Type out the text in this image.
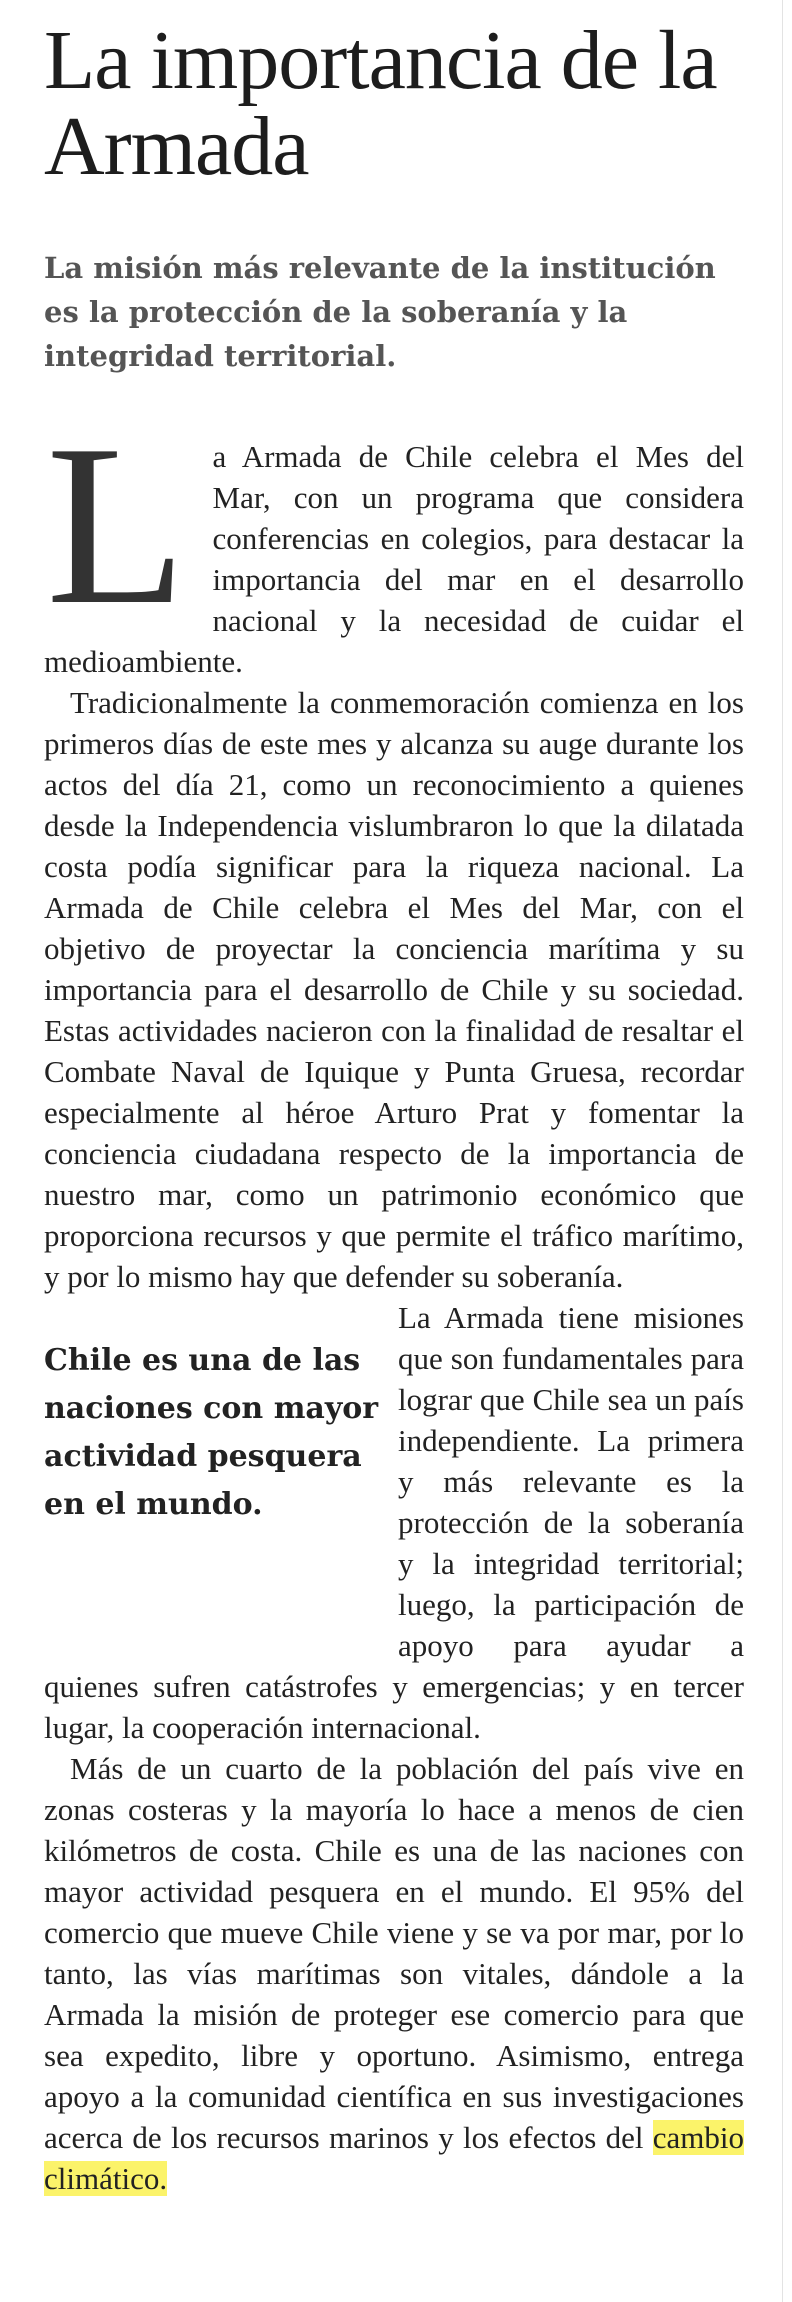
La importancia de la Armada

La misión más relevante de la institución es la protección de la soberanía y la integridad territorial.

L a Armada de Chile celebra el Mes del Mar, con un programa que considera conferencias en colegios, para destacar la importancia del mar en el desarrollo nacional y la necesidad de cuidar el medioambiente.

Tradicionalmente la conmemoración comienza en los primeros días de este mes y alcanza su auge durante los actos del día 21, como un reconocimiento a quienes desde la Independencia vislumbraron lo que la dilatada costa podía significar para la riqueza nacional. La Armada de Chile celebra el Mes del Mar, con el objetivo de proyectar la conciencia marítima y su importancia para el desarrollo de Chile y su sociedad. Estas actividades nacieron con la finalidad de resaltar el Combate Naval de Iquique y Punta Gruesa, recordar especialmente al héroe Arturo Prat y fomentar la conciencia ciudadana respecto de la importancia de nuestro mar, como un patrimonio económico que proporciona recursos y que permite el tráfico marítimo, y por lo mismo hay que defender su soberanía.

Chile es una de las naciones con mayor actividad pesquera en el mundo.

La Armada tiene misiones que son fundamentales para lograr que Chile sea un país independiente. La primera y más relevante es la protección de la soberanía y la integridad territorial; luego, la participación de apoyo para ayudar a quienes sufren catástrofes y emergencias; y en tercer lugar, la cooperación internacional.

Más de un cuarto de la población del país vive en zonas costeras y la mayoría lo hace a menos de cien kilómetros de costa. Chile es una de las naciones con mayor actividad pesquera en el mundo. El 95% del comercio que mueve Chile viene y se va por mar, por lo tanto, las vías marítimas son vitales, dándole a la Armada la misión de proteger ese comercio para que sea expedito, libre y oportuno. Asimismo, entrega apoyo a la comunidad científica en sus investigaciones acerca de los recursos marinos y los efectos del cambio climático.
